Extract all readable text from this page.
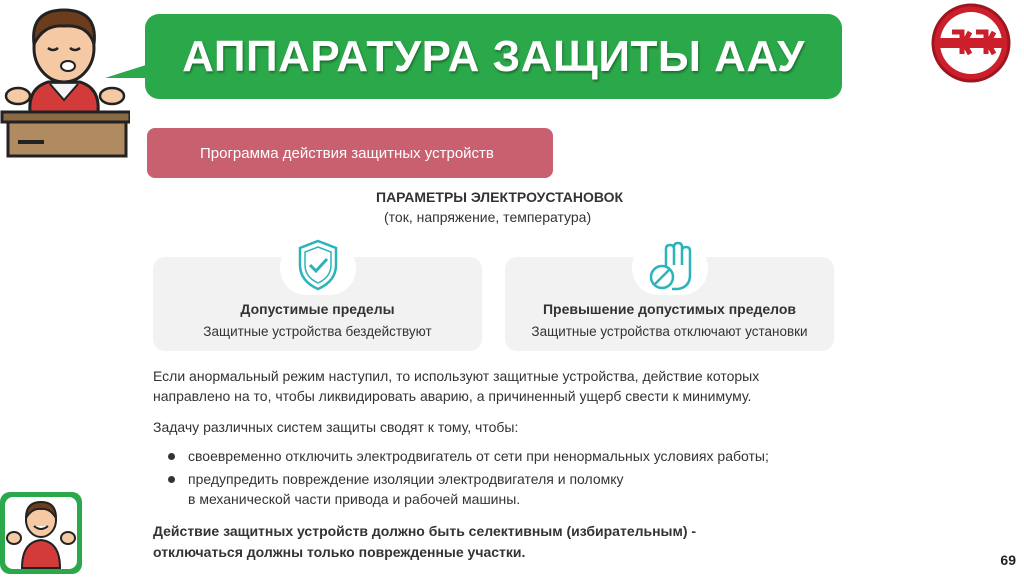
АППАРАТУРА ЗАЩИТЫ ААУ
Программа действия защитных устройств
ПАРАМЕТРЫ ЭЛЕКТРОУСТАНОВОК
(ток, напряжение, температура)
Допустимые пределы
Защитные устройства бездействуют
Превышение допустимых пределов
Защитные устройства отключают установки
Если анормальный режим наступил, то используют защитные устройства, действие которых направлено на то, чтобы ликвидировать аварию, а причиненный ущерб свести к минимуму.
Задачу различных систем защиты сводят к тому, чтобы:
своевременно отключить электродвигатель от сети при ненормальных условиях работы;
предупредить повреждение изоляции электродвигателя и поломку
в механической части привода и рабочей машины.
Действие защитных устройств должно быть селективным (избирательным) -
отключаться должны только поврежденные участки.	69
